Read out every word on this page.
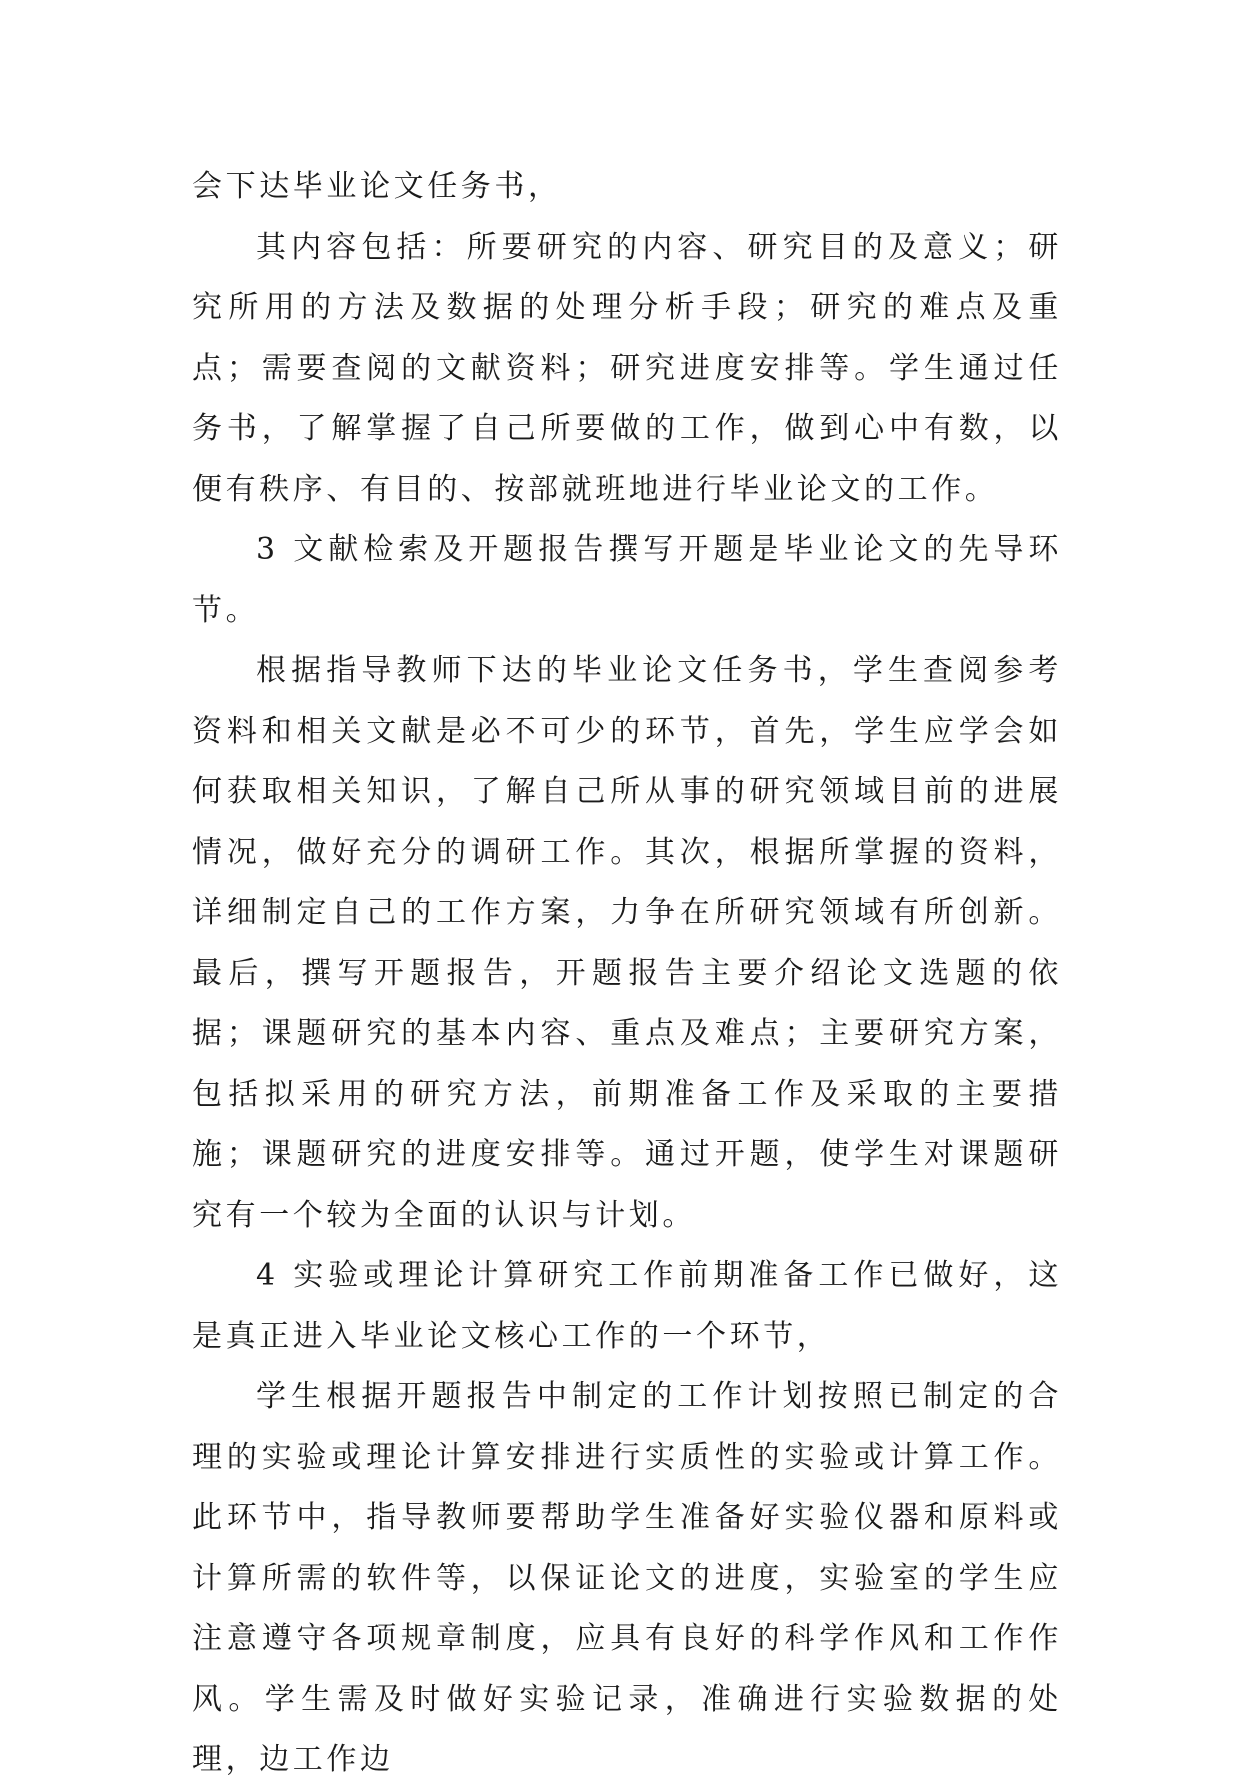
会下达毕业论文任务书，

其内容包括：所要研究的内容、研究目的及意义；研究所用的方法及数据的处理分析手段；研究的难点及重点；需要查阅的文献资料；研究进度安排等。学生通过任务书，了解掌握了自己所要做的工作，做到心中有数，以便有秩序、有目的、按部就班地进行毕业论文的工作。

3 文献检索及开题报告撰写开题是毕业论文的先导环节。

根据指导教师下达的毕业论文任务书，学生查阅参考资料和相关文献是必不可少的环节，首先，学生应学会如何获取相关知识，了解自己所从事的研究领域目前的进展情况，做好充分的调研工作。其次，根据所掌握的资料，详细制定自己的工作方案，力争在所研究领域有所创新。最后，撰写开题报告，开题报告主要介绍论文选题的依据；课题研究的基本内容、重点及难点；主要研究方案，包括拟采用的研究方法，前期准备工作及采取的主要措施；课题研究的进度安排等。通过开题，使学生对课题研究有一个较为全面的认识与计划。

4 实验或理论计算研究工作前期准备工作已做好，这是真正进入毕业论文核心工作的一个环节，

学生根据开题报告中制定的工作计划按照已制定的合理的实验或理论计算安排进行实质性的实验或计算工作。此环节中，指导教师要帮助学生准备好实验仪器和原料或计算所需的软件等，以保证论文的进度，实验室的学生应注意遵守各项规章制度，应具有良好的科学作风和工作作风。学生需及时做好实验记录，准确进行实验数据的处理，边工作边
